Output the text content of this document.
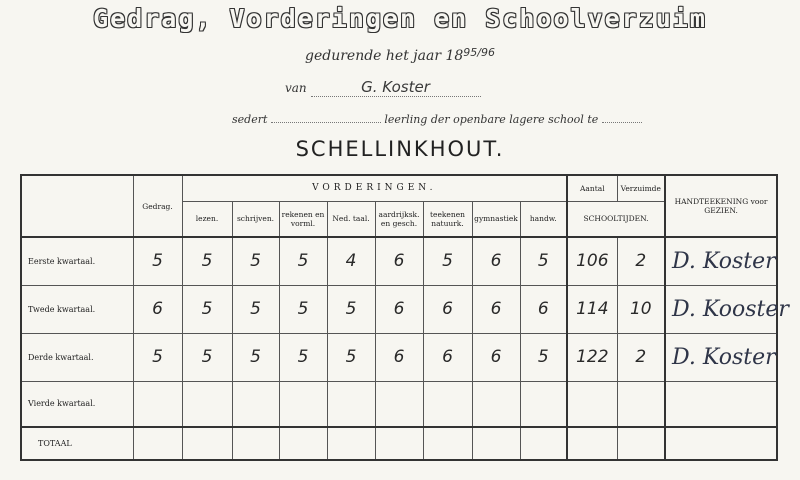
Gedrag, Vorderingen en Schoolverzuim
gedurende het jaar $18^{95/96}$
van	G. Koster
sedert	leerling der openbare lagere school te
SCHELLINKHOUT.
	Gedrag.	VORDERINGEN.								Aantal	Verzuimde	HANDTEEKENING voor GEZIEN.
		lezen.	schrijven.	rekenen en vorml.	Ned. taal.	aardrijksk. en gesch.	teekenen natuurk.	gymnastiek	handw.	SCHOOLTIJDEN.		
Eerste kwartaal.	5	5	5	5	4	6	5	6	5	106	2	D. Koster
Twede kwartaal.	6	5	5	5	5	6	6	6	6	114	10	D. Kooster
Derde kwartaal.	5	5	5	5	5	6	6	6	5	122	2	D. Koster
Vierde kwartaal.												
TOTAAL												
